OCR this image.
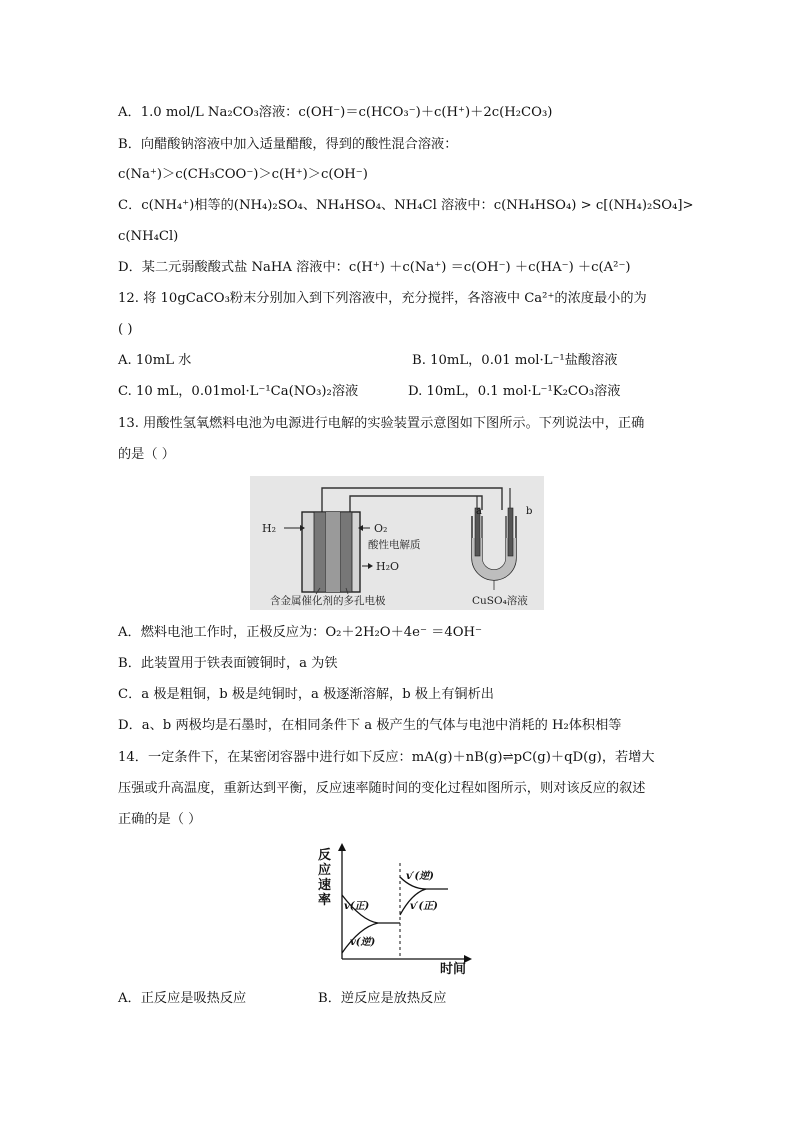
A．1.0 mol/L Na₂CO₃溶液：c(OH⁻)＝c(HCO₃⁻)＋c(H⁺)＋2c(H₂CO₃)
B．向醋酸钠溶液中加入适量醋酸，得到的酸性混合溶液：
c(Na⁺)＞c(CH₃COO⁻)＞c(H⁺)＞c(OH⁻)
C．c(NH₄⁺)相等的(NH₄)₂SO₄、NH₄HSO₄、NH₄Cl 溶液中：c(NH₄HSO₄) > c[(NH₄)₂SO₄]>
c(NH₄Cl)
D．某二元弱酸酸式盐 NaHA 溶液中：c(H⁺) ＋c(Na⁺) ＝c(OH⁻) ＋c(HA⁻) ＋c(A²⁻)
12. 将 10gCaCO₃粉末分别加入到下列溶液中，充分搅拌，各溶液中 Ca²⁺的浓度最小的为
( )
A. 10mL 水	B. 10mL，0.01 mol·L⁻¹盐酸溶液
C. 10 mL，0.01mol·L⁻¹Ca(NO₃)₂溶液	D. 10mL，0.1 mol·L⁻¹K₂CO₃溶液
13. 用酸性氢氧燃料电池为电源进行电解的实验装置示意图如下图所示。下列说法中，正确
的是（ ）
H₂	O₂
酸性电解质
H₂O
含金属催化剂的多孔电极
a	b
CuSO₄溶液
A．燃料电池工作时，正极反应为：O₂＋2H₂O＋4e⁻ ＝4OH⁻
B．此装置用于铁表面镀铜时，a 为铁
C．a 极是粗铜，b 极是纯铜时，a 极逐渐溶解，b 极上有铜析出
D．a、b 两极均是石墨时，在相同条件下 a 极产生的气体与电池中消耗的 H₂体积相等
14．一定条件下，在某密闭容器中进行如下反应：mA(g)＋nB(g)⇌pC(g)＋qD(g)，若增大
压强或升高温度，重新达到平衡，反应速率随时间的变化过程如图所示，则对该反应的叙述
正确的是（ ）
反
应
速
率 v(正)
v(逆)
v′(逆)
v′(正)
时间
A．正反应是吸热反应	B．逆反应是放热反应
